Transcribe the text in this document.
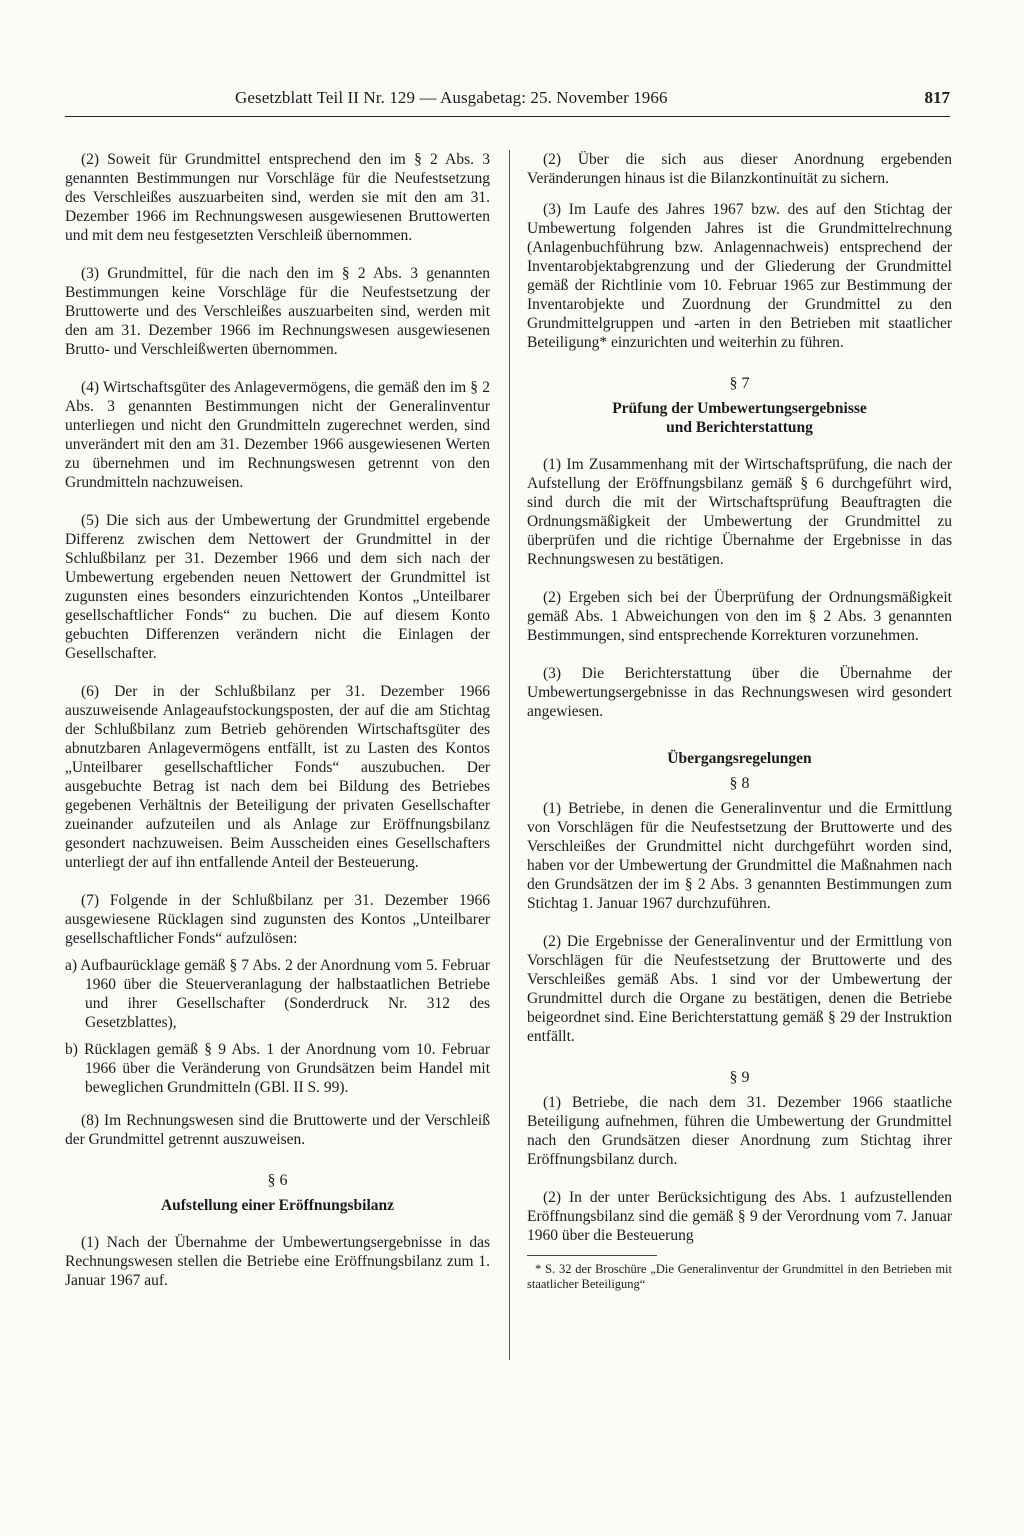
Gesetzblatt Teil II Nr. 129 — Ausgabetag: 25. November 1966	817

(2) Soweit für Grundmittel entsprechend den im § 2 Abs. 3 genannten Bestimmungen nur Vorschläge für die Neufestsetzung des Verschleißes auszuarbeiten sind, werden sie mit den am 31. Dezember 1966 im Rechnungswesen ausgewiesenen Bruttowerten und mit dem neu festgesetzten Verschleiß übernommen.

(3) Grundmittel, für die nach den im § 2 Abs. 3 genannten Bestimmungen keine Vorschläge für die Neufestsetzung der Bruttowerte und des Verschleißes auszuarbeiten sind, werden mit den am 31. Dezember 1966 im Rechnungswesen ausgewiesenen Brutto- und Verschleißwerten übernommen.

(4) Wirtschaftsgüter des Anlagevermögens, die gemäß den im § 2 Abs. 3 genannten Bestimmungen nicht der Generalinventur unterliegen und nicht den Grundmitteln zugerechnet werden, sind unverändert mit den am 31. Dezember 1966 ausgewiesenen Werten zu übernehmen und im Rechnungswesen getrennt von den Grundmitteln nachzuweisen.

(5) Die sich aus der Umbewertung der Grundmittel ergebende Differenz zwischen dem Nettowert der Grundmittel in der Schlußbilanz per 31. Dezember 1966 und dem sich nach der Umbewertung ergebenden neuen Nettowert der Grundmittel ist zugunsten eines besonders einzurichtenden Kontos „Unteilbarer gesellschaftlicher Fonds“ zu buchen. Die auf diesem Konto gebuchten Differenzen verändern nicht die Einlagen der Gesellschafter.

(6) Der in der Schlußbilanz per 31. Dezember 1966 auszuweisende Anlageaufstockungsposten, der auf die am Stichtag der Schlußbilanz zum Betrieb gehörenden Wirtschaftsgüter des abnutzbaren Anlagevermögens entfällt, ist zu Lasten des Kontos „Unteilbarer gesellschaftlicher Fonds“ auszubuchen. Der ausgebuchte Betrag ist nach dem bei Bildung des Betriebes gegebenen Verhältnis der Beteiligung der privaten Gesellschafter zueinander aufzuteilen und als Anlage zur Eröffnungsbilanz gesondert nachzuweisen. Beim Ausscheiden eines Gesellschafters unterliegt der auf ihn entfallende Anteil der Besteuerung.

(7) Folgende in der Schlußbilanz per 31. Dezember 1966 ausgewiesene Rücklagen sind zugunsten des Kontos „Unteilbarer gesellschaftlicher Fonds“ aufzulösen:

a) Aufbaurücklage gemäß § 7 Abs. 2 der Anordnung vom 5. Februar 1960 über die Steuerveranlagung der halbstaatlichen Betriebe und ihrer Gesellschafter (Sonderdruck Nr. 312 des Gesetzblattes),

b) Rücklagen gemäß § 9 Abs. 1 der Anordnung vom 10. Februar 1966 über die Veränderung von Grundsätzen beim Handel mit beweglichen Grundmitteln (GBl. II S. 99).

(8) Im Rechnungswesen sind die Bruttowerte und der Verschleiß der Grundmittel getrennt auszuweisen.

§ 6
Aufstellung einer Eröffnungsbilanz

(1) Nach der Übernahme der Umbewertungsergebnisse in das Rechnungswesen stellen die Betriebe eine Eröffnungsbilanz zum 1. Januar 1967 auf.

(2) Über die sich aus dieser Anordnung ergebenden Veränderungen hinaus ist die Bilanzkontinuität zu sichern.

(3) Im Laufe des Jahres 1967 bzw. des auf den Stichtag der Umbewertung folgenden Jahres ist die Grundmittelrechnung (Anlagenbuchführung bzw. Anlagennachweis) entsprechend der Inventarobjektabgrenzung und der Gliederung der Grundmittel gemäß der Richtlinie vom 10. Februar 1965 zur Bestimmung der Inventarobjekte und Zuordnung der Grundmittel zu den Grundmittelgruppen und -arten in den Betrieben mit staatlicher Beteiligung* einzurichten und weiterhin zu führen.

§ 7
Prüfung der Umbewertungsergebnisse
und Berichterstattung

(1) Im Zusammenhang mit der Wirtschaftsprüfung, die nach der Aufstellung der Eröffnungsbilanz gemäß § 6 durchgeführt wird, sind durch die mit der Wirtschaftsprüfung Beauftragten die Ordnungsmäßigkeit der Umbewertung der Grundmittel zu überprüfen und die richtige Übernahme der Ergebnisse in das Rechnungswesen zu bestätigen.

(2) Ergeben sich bei der Überprüfung der Ordnungsmäßigkeit gemäß Abs. 1 Abweichungen von den im § 2 Abs. 3 genannten Bestimmungen, sind entsprechende Korrekturen vorzunehmen.

(3) Die Berichterstattung über die Übernahme der Umbewertungsergebnisse in das Rechnungswesen wird gesondert angewiesen.

Übergangsregelungen
§ 8

(1) Betriebe, in denen die Generalinventur und die Ermittlung von Vorschlägen für die Neufestsetzung der Bruttowerte und des Verschleißes der Grundmittel nicht durchgeführt worden sind, haben vor der Umbewertung der Grundmittel die Maßnahmen nach den Grundsätzen der im § 2 Abs. 3 genannten Bestimmungen zum Stichtag 1. Januar 1967 durchzuführen.

(2) Die Ergebnisse der Generalinventur und der Ermittlung von Vorschlägen für die Neufestsetzung der Bruttowerte und des Verschleißes gemäß Abs. 1 sind vor der Umbewertung der Grundmittel durch die Organe zu bestätigen, denen die Betriebe beigeordnet sind. Eine Berichterstattung gemäß § 29 der Instruktion entfällt.

§ 9

(1) Betriebe, die nach dem 31. Dezember 1966 staatliche Beteiligung aufnehmen, führen die Umbewertung der Grundmittel nach den Grundsätzen dieser Anordnung zum Stichtag ihrer Eröffnungsbilanz durch.

(2) In der unter Berücksichtigung des Abs. 1 aufzustellenden Eröffnungsbilanz sind die gemäß § 9 der Verordnung vom 7. Januar 1960 über die Besteuerung

* S. 32 der Broschüre „Die Generalinventur der Grundmittel in den Betrieben mit staatlicher Beteiligung“
